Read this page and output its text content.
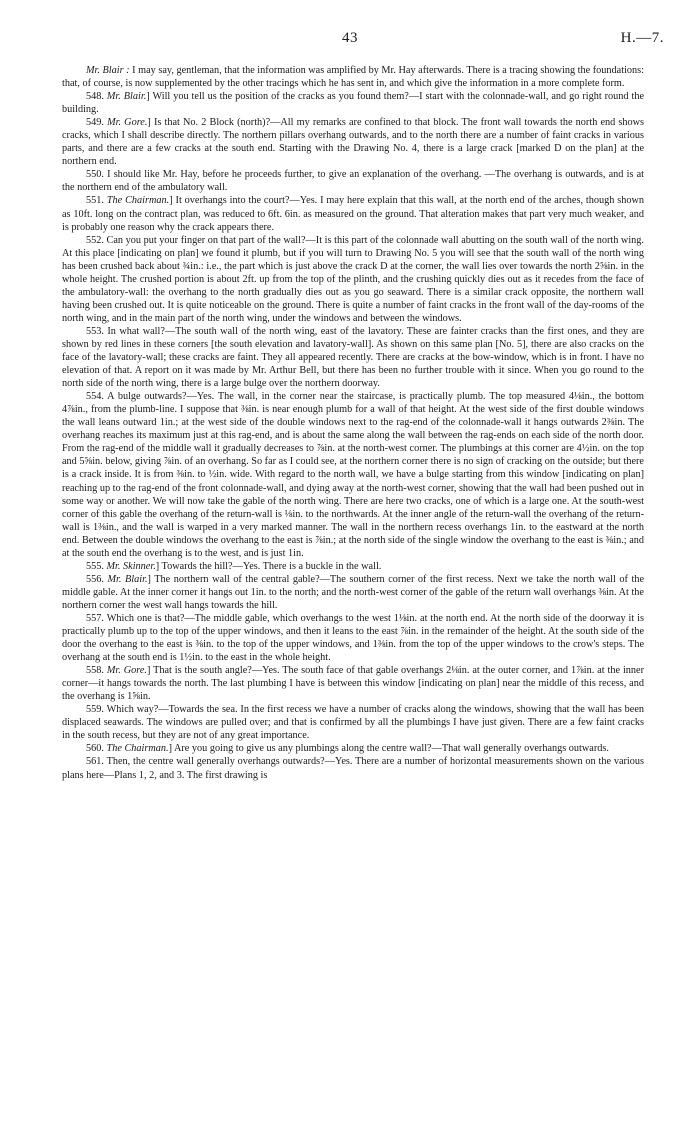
43	H.—7.

Mr. Blair : I may say, gentleman, that the information was amplified by Mr. Hay afterwards. There is a tracing showing the foundations: that, of course, is now supplemented by the other tracings which he has sent in, and which give the information in a more complete form.

548. Mr. Blair.] Will you tell us the position of the cracks as you found them?—I start with the colonnade-wall, and go right round the building.

549. Mr. Gore.] Is that No. 2 Block (north)?—All my remarks are confined to that block. The front wall towards the north end shows cracks, which I shall describe directly. The northern pillars overhang outwards, and to the north there are a number of faint cracks in various parts, and there are a few cracks at the south end. Starting with the Drawing No. 4, there is a large crack [marked D on the plan] at the northern end.

550. I should like Mr. Hay, before he proceeds further, to give an explanation of the overhang. —The overhang is outwards, and is at the northern end of the ambulatory wall.

551. The Chairman.] It overhangs into the court?—Yes. I may here explain that this wall, at the north end of the arches, though shown as 10ft. long on the contract plan, was reduced to 6ft. 6in. as measured on the ground. That alteration makes that part very much weaker, and is probably one reason why the crack appears there.

552. Can you put your finger on that part of the wall?—It is this part of the colonnade wall abutting on the south wall of the north wing. At this place [indicating on plan] we found it plumb, but if you will turn to Drawing No. 5 you will see that the south wall of the north wing has been crushed back about ¾in.: i.e., the part which is just above the crack D at the corner, the wall lies over towards the north 2⅝in. in the whole height. The crushed portion is about 2ft. up from the top of the plinth, and the crushing quickly dies out as it recedes from the face of the ambulatory-wall: the overhang to the north gradually dies out as you go seaward. There is a similar crack opposite, the northern wall having been crushed out. It is quite noticeable on the ground. There is quite a number of faint cracks in the front wall of the day-rooms of the north wing, and in the main part of the north wing, under the windows and between the windows.

553. In what wall?—The south wall of the north wing, east of the lavatory. These are fainter cracks than the first ones, and they are shown by red lines in these corners [the south elevation and lavatory-wall]. As shown on this same plan [No. 5], there are also cracks on the face of the lavatory-wall; these cracks are faint. They all appeared recently. There are cracks at the bow-window, which is in front. I have no elevation of that. A report on it was made by Mr. Arthur Bell, but there has been no further trouble with it since. When you go round to the north side of the north wing, there is a large bulge over the northern doorway.

554. A bulge outwards?—Yes. The wall, in the corner near the staircase, is practically plumb. The top measured 4⅛in., the bottom 4⅞in., from the plumb-line. I suppose that ⅜in. is near enough plumb for a wall of that height. At the west side of the first double windows the wall leans outward 1in.; at the west side of the double windows next to the rag-end of the colonnade-wall it hangs outwards 2⅜in. The overhang reaches its maximum just at this rag-end, and is about the same along the wall between the rag-ends on each side of the north door. From the rag-end of the middle wall it gradually decreases to ⅞in. at the north-west corner. The plumbings at this corner are 4½in. on the top and 5⅝in. below, giving ⅞in. of an overhang. So far as I could see, at the northern corner there is no sign of cracking on the outside; but there is a crack inside. It is from ⅜in. to ½in. wide. With regard to the north wall, we have a bulge starting from this window [indicating on plan] reaching up to the rag-end of the front colonnade-wall, and dying away at the north-west corner, showing that the wall had been pushed out in some way or another. We will now take the gable of the north wing. There are here two cracks, one of which is a large one. At the south-west corner of this gable the overhang of the return-wall is ⅛in. to the northwards. At the inner angle of the return-wall the overhang of the return-wall is 1⅜in., and the wall is warped in a very marked manner. The wall in the northern recess overhangs 1in. to the eastward at the north end. Between the double windows the overhang to the east is ⅞in.; at the north side of the single window the overhang to the east is ⅜in.; and at the south end the overhang is to the west, and is just 1in.

555. Mr. Skinner.] Towards the hill?—Yes. There is a buckle in the wall.

556. Mr. Blair.] The northern wall of the central gable?—The southern corner of the first recess. Next we take the north wall of the middle gable. At the inner corner it hangs out 1in. to the north; and the north-west corner of the gable of the return wall overhangs ⅜in. At the northern corner the west wall hangs towards the hill.

557. Which one is that?—The middle gable, which overhangs to the west 1⅛in. at the north end. At the north side of the doorway it is practically plumb up to the top of the upper windows, and then it leans to the east ⅞in. in the remainder of the height. At the south side of the door the overhang to the east is ⅜in. to the top of the upper windows, and 1⅜in. from the top of the upper windows to the crow's steps. The overhang at the south end is 1½in. to the east in the whole height.

558. Mr. Gore.] That is the south angle?—Yes. The south face of that gable overhangs 2⅛in. at the outer corner, and 1⅞in. at the inner corner—it hangs towards the north. The last plumbing I have is between this window [indicating on plan] near the middle of this recess, and the overhang is 1⅝in.

559. Which way?—Towards the sea. In the first recess we have a number of cracks along the windows, showing that the wall has been displaced seawards. The windows are pulled over; and that is confirmed by all the plumbings I have just given. There are a few faint cracks in the south recess, but they are not of any great importance.

560. The Chairman.] Are you going to give us any plumbings along the centre wall?—That wall generally overhangs outwards.

561. Then, the centre wall generally overhangs outwards?—Yes. There are a number of horizontal measurements shown on the various plans here—Plans 1, 2, and 3. The first drawing is
